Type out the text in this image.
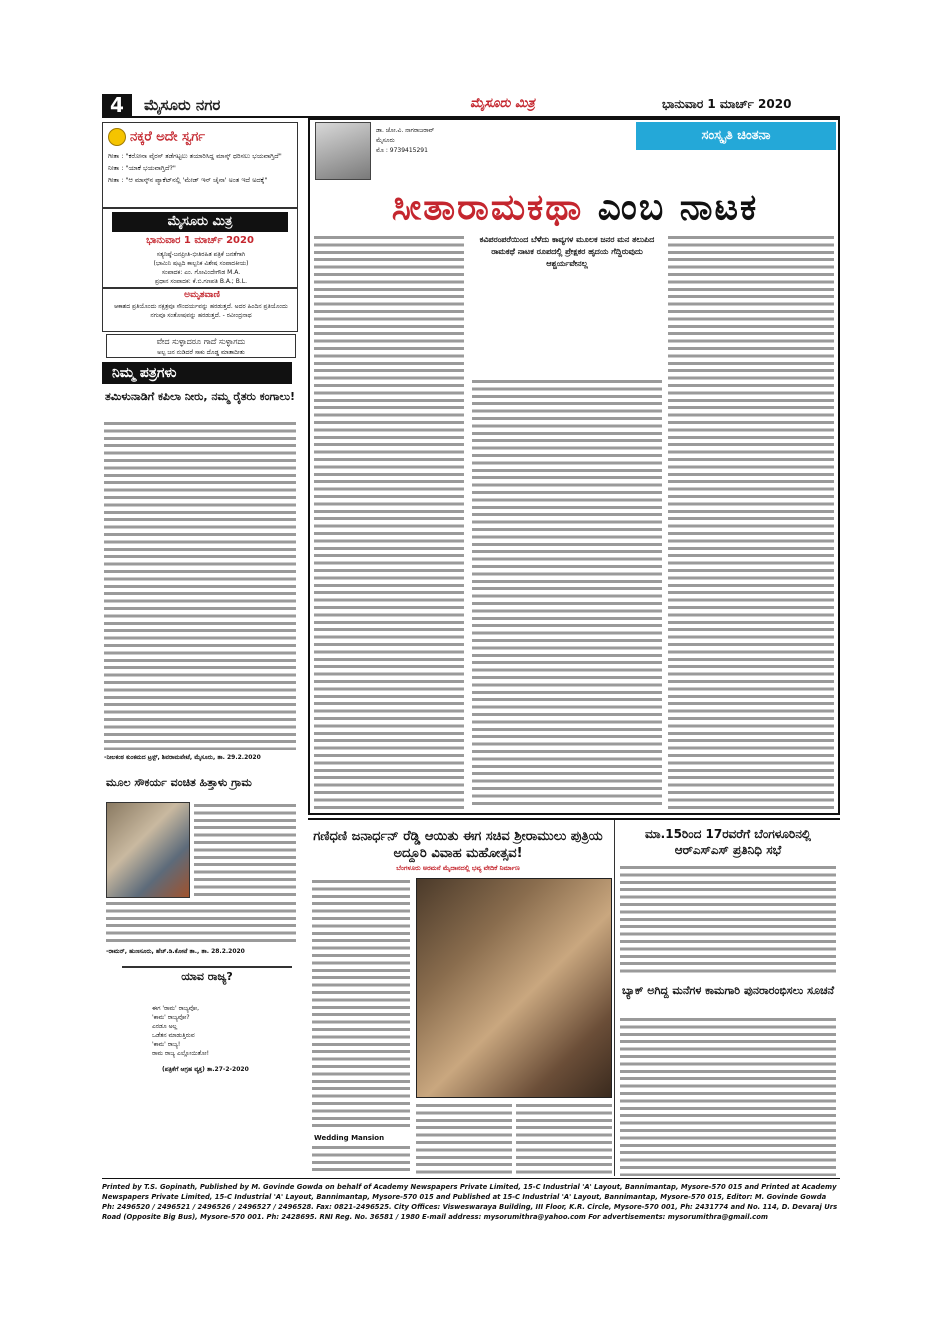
4	ಮೈಸೂರು ನಗರ	ಮೈಸೂರು ಮಿತ್ರ	ಭಾನುವಾರ 1 ಮಾರ್ಚ್ 2020
ನಕ್ಕರೆ ಅದೇ ಸ್ವರ್ಗ
ಗೀತಾ : "ಕರೋನಾ ವೈರಸ್ ತಡೆಗಟ್ಟಲು ತಯಾರಿಸಿದ್ದ ಮಾಸ್ಕ್ ಧರಿಸಲು ಭಯವಾಗ್ತಿದೆ"
ನೀತಾ : "ಯಾಕೆ ಭಯವಾಗ್ತಿದೆ?"
ಗೀತಾ : "ಆ ಮಾಸ್ಕ್‌ನ ಪ್ಯಾಕೆಟ್‌ನಲ್ಲಿ 'ಮೇಡ್ ಇನ್ ಚೈನಾ' ಅಂತ ಇದೆ ಅದಕ್ಕೆ"
ಮೈಸೂರು ಮಿತ್ರ
ಭಾನುವಾರ 1 ಮಾರ್ಚ್ 2020
ಸತ್ಯನಿಷ್ಠೆ-ಜನಪ್ರೀತಿ-ಭೀತಿರಹಿತ ಪತ್ರಿಕೆ ಜನತೆಗಾಗಿ
(ಭಾಮಿನಿ ಷಟ್ಪದಿ ಕಾಲ್ಪನಿಕ ವಿಶೇಷ ಸಂಪಾದಕೀಯ)
ಸಂಪಾದಕ: ಎಂ. ಗೋವಿಂದೇಗೌಡ M.A.
ಪ್ರಧಾನ ಸಂಪಾದಕ: ಕೆ.ಬಿ.ಗಣಪತಿ B.A.; B.L.
ಅಮೃತವಾಣಿ
ಆಕಾಶದ ಪ್ರತಿಯೊಂದು ನಕ್ಷತ್ರವೂ ಸೌಂದರ್ಯವನ್ನು ಹರಡುತ್ತದೆ. ಅದರ ಹಿಂದಿನ ಪ್ರತಿಯೊಂದು ನಗುವೂ ಸಂತೋಷವನ್ನು ಹರಡುತ್ತದೆ. - ರವೀಂದ್ರನಾಥ
ವೇದ ಸುಳ್ಳಾದರೂ ಗಾದೆ ಸುಳ್ಳಾಗದು
ಅಲ್ಪ ಜನ ನುಡಿದರೆ ಸಾಕು ದೊಡ್ಡ ಮಾತಾದೀತು
ನಿಮ್ಮ ಪತ್ರಗಳು
ತಮಿಳುನಾಡಿಗೆ ಕಪಿಲಾ ನೀರು, ನಮ್ಮ ರೈತರು ಕಂಗಾಲು!
-ನೀಲಕಂಠ ಕುಂಕಮದ ಟ್ರಸ್ಟ್, ಶಿವರಾಮಪೇಟೆ, ಮೈಸೂರು, ತಾ. 29.2.2020
ಮೂಲ ಸೌಕರ್ಯ ವಂಚಿತ ಹಿತ್ತಾಳು ಗ್ರಾಮ
-ರಾಮನ್, ಹುಣಸೂರು, ಹೆಚ್.ಡಿ.ಕೋಟೆ ತಾ., ತಾ. 28.2.2020
ಯಾವ ರಾಜ್ಯ?
ಈಗ 'ರಾಮ' ರಾಜ್ಯವೋ,
'ಕಾಮ' ರಾಜ್ಯವೋ?
ಎರಡೂ ಅಲ್ಲ
ಒಡೆತನ ಮಾಡುತ್ತಿರುವ
'ಕಾಮ' ರಾಜ್ಯ!
ರಾಮ ರಾಜ್ಯ ಎಲ್ಲೋಯಿತೋ!
(ಪತ್ರಿಕೆಗೆ ಆಗ್ರಹ ವ್ಯಕ್ತ) ತಾ.27-2-2020
ಡಾ. ಜೋ.ವಿ. ನಾಗರಾಜರಾವ್
ಮೈಸೂರು
ಮೊ : 9739415291
ಸಂಸ್ಕೃತಿ ಚಿಂತನಾ
ಸೀತಾರಾಮಕಥಾ ಎಂಬ ನಾಟಕ
ಕವಿಪರಂಪರೆಯಿಂದ ಬೆಳೆದು ಕಾವ್ಯಗಳ ಮೂಲಕ ಜನರ ಮನ ತಲುಪಿದ ರಾಮಕಥೆ ನಾಟಕ ರೂಪದಲ್ಲಿ ಪ್ರೇಕ್ಷಕರ ಹೃದಯ ಗೆದ್ದಿರುವುದು ಆಶ್ಚರ್ಯವೇನಲ್ಲ
ಗಣಿಧಣಿ ಜನಾರ್ಧನ್ ರೆಡ್ಡಿ ಆಯಿತು ಈಗ ಸಚಿವ ಶ್ರೀರಾಮುಲು ಪುತ್ರಿಯ ಅದ್ದೂರಿ ವಿವಾಹ ಮಹೋತ್ಸವ!
ಬೆಂಗಳೂರು ಅರಮನೆ ಮೈದಾನದಲ್ಲಿ ಭವ್ಯ ವೇದಿಕೆ ನಿರ್ಮಾಣ
Wedding Mansion
ಮಾ.15ರಿಂದ 17ರವರೆಗೆ ಬೆಂಗಳೂರಿನಲ್ಲಿ ಆರ್‌ಎಸ್‌ಎಸ್ ಪ್ರತಿನಿಧಿ ಸಭೆ
ಬ್ಯಾಕ್ ಅಗಿದ್ದ ಮನೆಗಳ ಕಾಮಗಾರಿ ಪುನರಾರಂಭಿಸಲು ಸೂಚನೆ
Printed by T.S. Gopinath, Published by M. Govinde Gowda on behalf of Academy Newspapers Private Limited, 15-C Industrial 'A' Layout, Bannimantap, Mysore-570 015 and Printed at Academy Newspapers Private Limited, 15-C Industrial 'A' Layout, Bannimantap, Mysore-570 015 and Published at 15-C Industrial 'A' Layout, Bannimantap, Mysore-570 015, Editor: M. Govinde Gowda Ph: 2496520 / 2496521 / 2496526 / 2496527 / 2496528. Fax: 0821-2496525. City Offices: Visweswaraya Building, III Floor, K.R. Circle, Mysore-570 001, Ph: 2431774 and No. 114, D. Devaraj Urs Road (Opposite Big Bus), Mysore-570 001. Ph: 2428695. RNI Reg. No. 36581 / 1980 E-mail address: mysorumithra@yahoo.com For advertisements: mysorumithra@gmail.com
